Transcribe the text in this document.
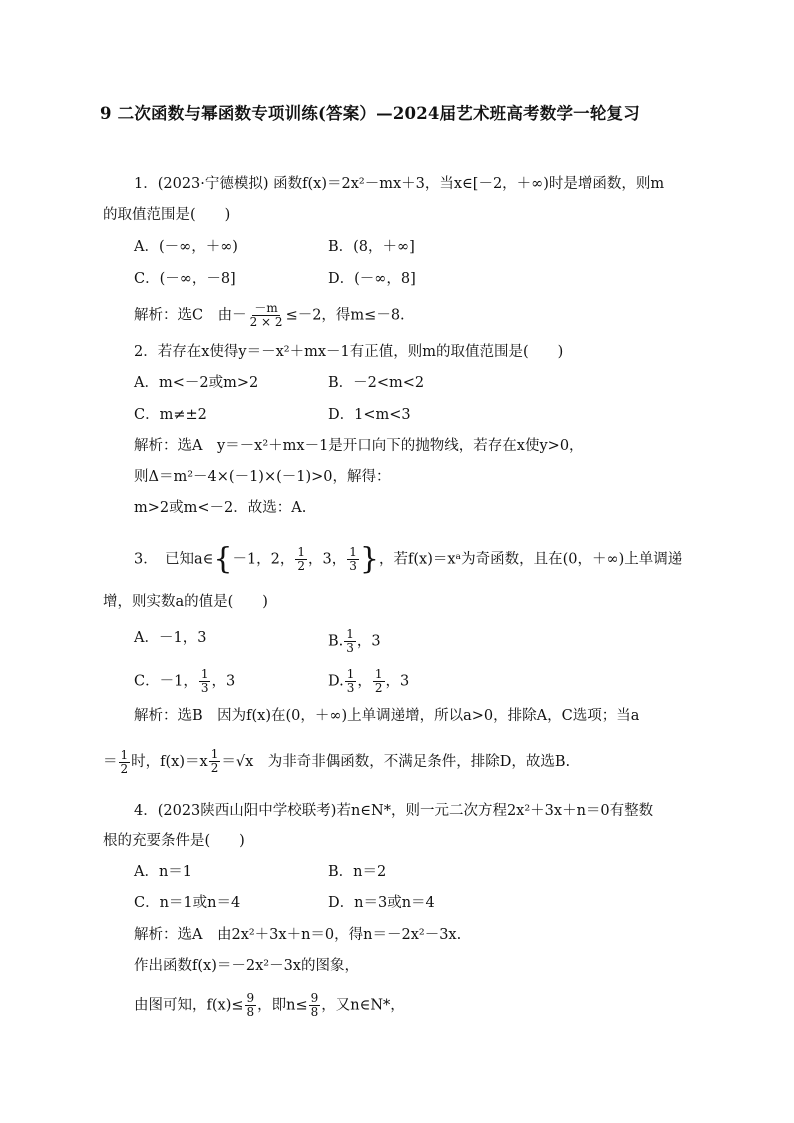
9 二次函数与幂函数专项训练(答案）—2024届艺术班高考数学一轮复习
1．(2023·宁德模拟) 函数f(x)＝2x²－mx＋3，当x∈[－2，＋∞)时是增函数，则m
的取值范围是(　　)
A．(－∞，＋∞)	B．(8，＋∞]
C．(－∞，－8]	D．(－∞，8]
解析：选C　由－ $\frac{-m}{2 \times 2} \le-2$，得m≤－8.
2．若存在x使得y＝－x²＋mx－1有正值，则m的取值范围是(　　)
A．m<－2或m>2	B．－2<m<2
C．m≠±2	D．1<m<3
解析：选A　y＝－x²＋mx－1是开口向下的抛物线，若存在x使y>0，
则Δ＝m²－4×(－1)×(－1)>0，解得：
m>2或m<－2．故选：A.
3．　已知a∈{－1，2， $\frac{1}{2}$ ，3， $\frac{1}{3}$ }，若f(x)＝xᵃ为奇函数，且在(0，＋∞)上单调递
增，则实数a的值是(　　)
A．－1，3	B. $\frac{1}{3}$ ，3
C．－1， $\frac{1}{3}$ ，3	D. $\frac{1}{3}$ ， $\frac{1}{2}$ ，3
解析：选B　因为f(x)在(0，＋∞)上单调递增，所以a>0，排除A，C选项；当a
＝ $\frac{1}{2}$ 时，$f(x)=x \frac{1}{2} =√x$　为非奇非偶函数，不满足条件，排除D，故选B.
4．(2023陕西山阳中学校联考)若n∈N*，则一元二次方程2x²＋3x＋n＝0有整数
根的充要条件是(　　)
A．n＝1	B．n＝2
C．n＝1或n＝4	D．n＝3或n＝4
解析：选A　由2x²＋3x＋n＝0，得n＝－2x²－3x.
作出函数f(x)＝－2x²－3x的图象，
由图可知，$f(x)\le \frac{9}{8}$ ，即$n\le \frac{9}{8}$ ，又n∈N*，
